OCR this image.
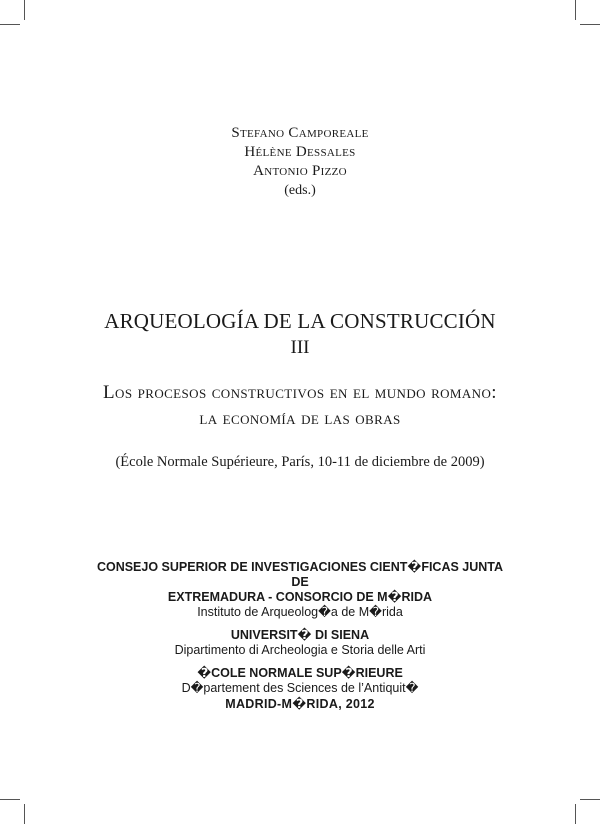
Stefano Camporeale
Hélène Dessales
Antonio Pizzo
(eds.)
ARQUEOLOGÍA DE LA CONSTRUCCIÓN
III
Los procesos constructivos en el mundo romano:
la economía de las obras
(École Normale Supérieure, París, 10-11 de diciembre de 2009)
CONSEJO SUPERIOR DE INVESTIGACIONES CIENT�FICAS JUNTA DE
EXTREMADURA - CONSORCIO DE M�RIDA
Instituto de Arqueolog�a de M�rida
UNIVERSIT� DI SIENA
Dipartimento di Archeologia e Storia delle Arti
�COLE NORMALE SUP�RIEURE
D�partement des Sciences de l’Antiquit�
MADRID-M�RIDA, 2012
